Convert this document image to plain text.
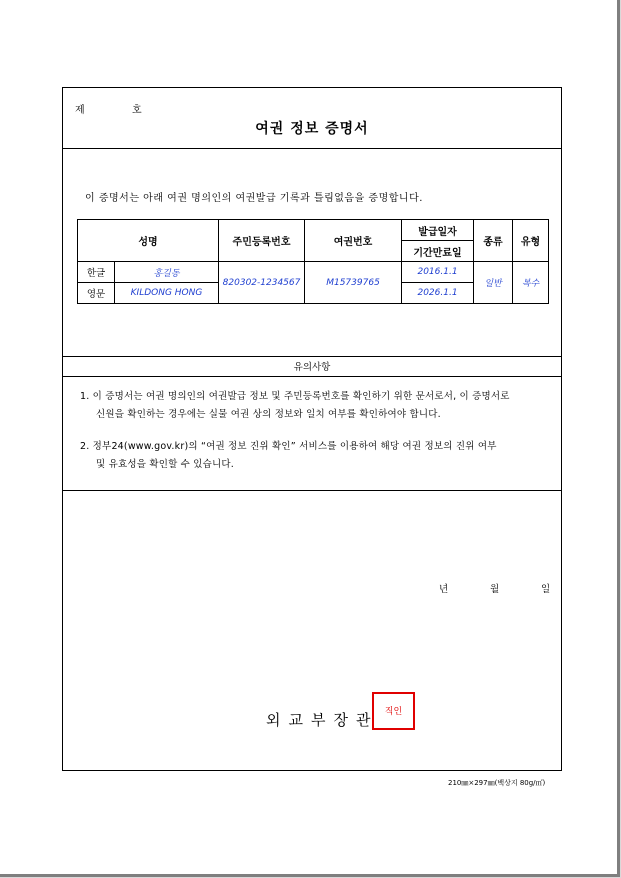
제	호
여권 정보 증명서
이 증명서는 아래 여권 명의인의 여권발급 기록과 틀림없음을 증명합니다.
성명		주민등록번호	여권번호	발급일자	종류	유형
				기간만료일		
한글	홍길동	820302-1234567	M15739765	2016.1.1	일반	복수
영문	KILDONG HONG			2026.1.1		
유의사항
1. 이 증명서는 여권 명의인의 여권발급 정보 및 주민등록번호를 확인하기 위한 문서로서, 이 증명서로
신원을 확인하는 경우에는 실물 여권 상의 정보와 일치 여부를 확인하여야 합니다.
2. 정부24(www.gov.kr)의 “여권 정보 진위 확인” 서비스를 이용하여 해당 여권 정보의 진위 여부
및 유효성을 확인할 수 있습니다.
년	월	일
외교부장관 직인
210㎜×297㎜(백상지 80g/㎡)
